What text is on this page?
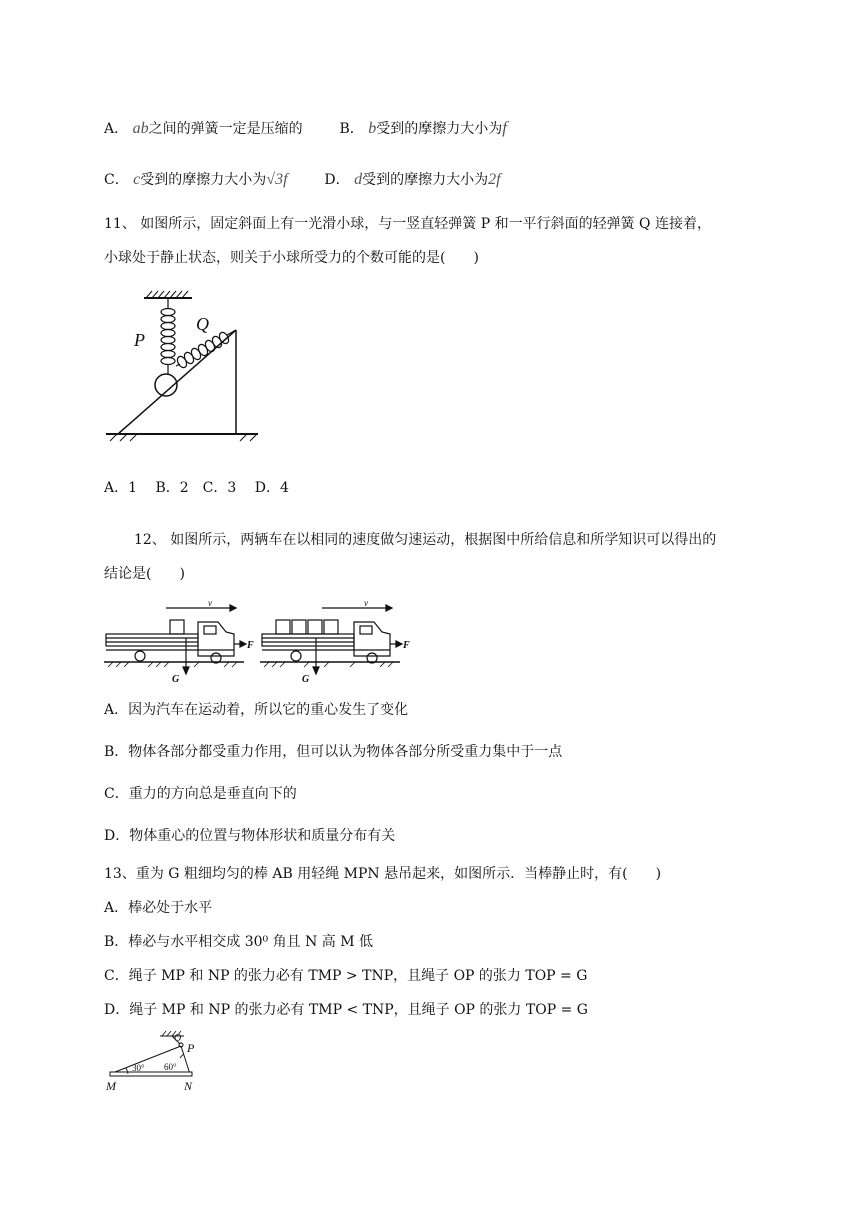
A． ab之间的弹簧一定是压缩的	B． b受到的摩擦力大小为f
C． c受到的摩擦力大小为√3f	D． d受到的摩擦力大小为2f
11、 如图所示，固定斜面上有一光滑小球，与一竖直轻弹簧 P 和一平行斜面的轻弹簧 Q 连接着，
小球处于静止状态，则关于小球所受力的个数可能的是(　　)
P
Q
A．1　 B．2　C．3　 D．4
12、 如图所示，两辆车在以相同的速度做匀速运动，根据图中所给信息和所学知识可以得出的
结论是(　　)
v
F
G
v
F
G
A．因为汽车在运动着，所以它的重心发生了变化
B．物体各部分都受重力作用，但可以认为物体各部分所受重力集中于一点
C．重力的方向总是垂直向下的
D．物体重心的位置与物体形状和质量分布有关
13、重为 G 粗细均匀的棒 AB 用轻绳 MPN 悬吊起来，如图所示．当棒静止时，有(　　)
A．棒必处于水平
B．棒必与水平相交成 30⁰ 角且 N 高 M 低
C．绳子 MP 和 NP 的张力必有 TMP > TNP，且绳子 OP 的张力 TOP = G
D．绳子 MP 和 NP 的张力必有 TMP < TNP，且绳子 OP 的张力 TOP = G
30° 60°
O
P
M	N
